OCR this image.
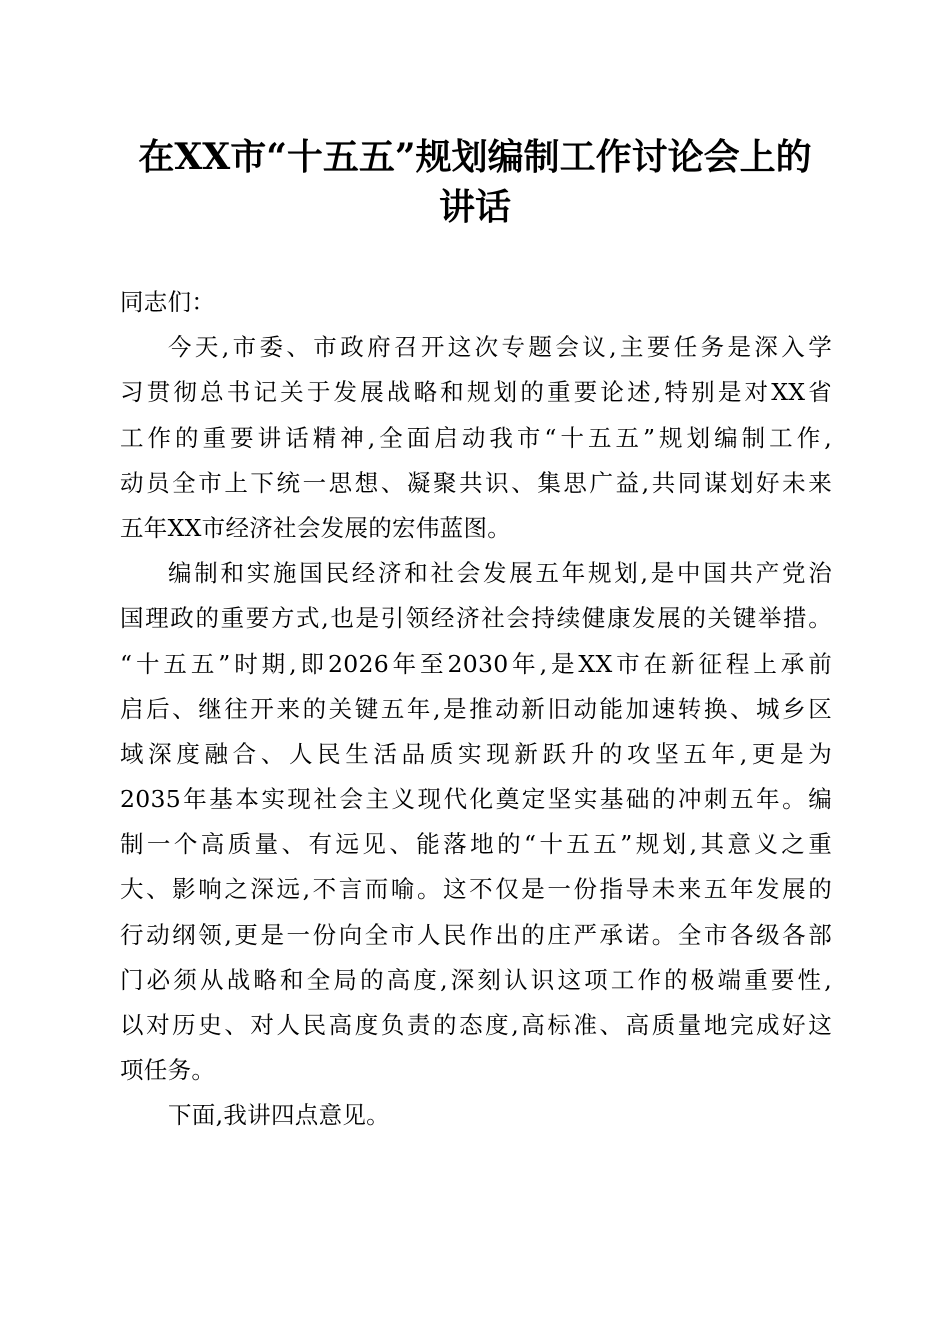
在XX市“十五五”规划编制工作讨论会上的
讲话
同志们：
今天,市委、市政府召开这次专题会议,主要任务是深入学
习贯彻总书记关于发展战略和规划的重要论述,特别是对XX省
工作的重要讲话精神,全面启动我市“十五五”规划编制工作,
动员全市上下统一思想、凝聚共识、集思广益,共同谋划好未来
五年XX市经济社会发展的宏伟蓝图。
编制和实施国民经济和社会发展五年规划,是中国共产党治
国理政的重要方式,也是引领经济社会持续健康发展的关键举措。
“十五五”时期,即2026年至2030年,是XX市在新征程上承前
启后、继往开来的关键五年,是推动新旧动能加速转换、城乡区
域深度融合、人民生活品质实现新跃升的攻坚五年,更是为
2035年基本实现社会主义现代化奠定坚实基础的冲刺五年。编
制一个高质量、有远见、能落地的“十五五”规划,其意义之重
大、影响之深远,不言而喻。这不仅是一份指导未来五年发展的
行动纲领,更是一份向全市人民作出的庄严承诺。全市各级各部
门必须从战略和全局的高度,深刻认识这项工作的极端重要性,
以对历史、对人民高度负责的态度,高标准、高质量地完成好这
项任务。
下面,我讲四点意见。
